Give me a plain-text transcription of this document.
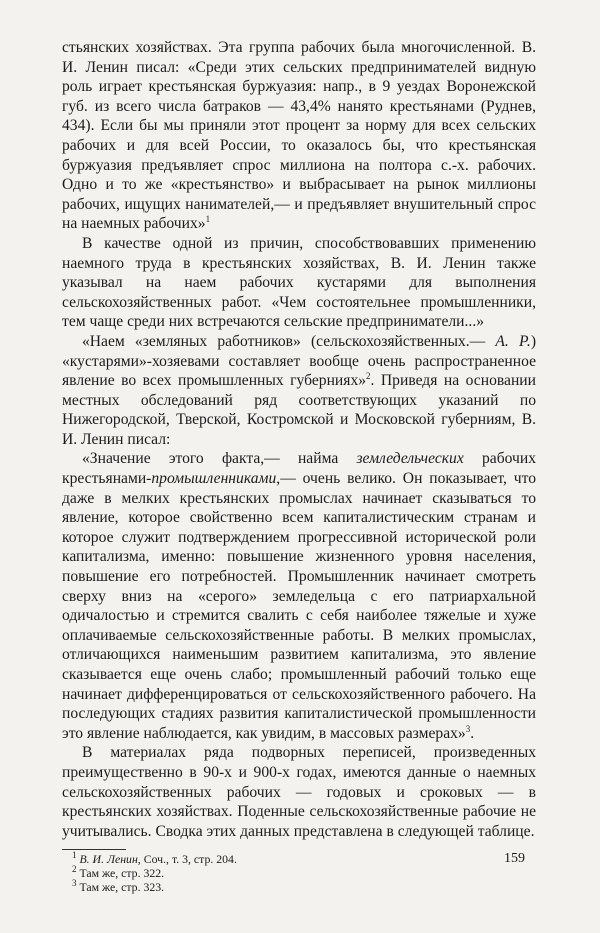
стьянских хозяйствах. Эта группа рабочих была многочисленной. В. И. Ленин писал: «Среди этих сельских предпринимателей видную роль играет крестьянская буржуазия: напр., в 9 уездах Воронежской губ. из всего числа батраков — 43,4% нанято крестьянами (Руднев, 434). Если бы мы приняли этот процент за норму для всех сельских рабочих и для всей России, то оказалось бы, что крестьянская буржуазия предъявляет спрос миллиона на полтора с.-х. рабочих. Одно и то же «крестьянство» и выбрасывает на рынок миллионы рабочих, ищущих нанимателей,— и предъявляет внушительный спрос на наемных рабочих»$^1$

В качестве одной из причин, способствовавших применению наемного труда в крестьянских хозяйствах, В. И. Ленин также указывал на наем рабочих кустарями для выполнения сельскохозяйственных работ. «Чем состоятельнее промышленники, тем чаще среди них встречаются сельские предприниматели...»

«Наем «земляных работников» (сельскохозяйственных.— А. Р.) «кустарями»-хозяевами составляет вообще очень распространенное явление во всех промышленных губерниях»$^2$. Приведя на основании местных обследований ряд соответствующих указаний по Нижегородской, Тверской, Костромской и Московской губерниям, В. И. Ленин писал:

«Значение этого факта,— найма земледельческих рабочих крестьянами-промышленниками,— очень велико. Он показывает, что даже в мелких крестьянских промыслах начинает сказываться то явление, которое свойственно всем капиталистическим странам и которое служит подтверждением прогрессивной исторической роли капитализма, именно: повышение жизненного уровня населения, повышение его потребностей. Промышленник начинает смотреть сверху вниз на «серого» земледельца с его патриархальной одичалостью и стремится свалить с себя наиболее тяжелые и хуже оплачиваемые сельскохозяйственные работы. В мелких промыслах, отличающихся наименьшим развитием капитализма, это явление сказывается еще очень слабо; промышленный рабочий только еще начинает дифференцироваться от сельскохозяйственного рабочего. На последующих стадиях развития капиталистической промышленности это явление наблюдается, как увидим, в массовых размерах»$^3$.

В материалах ряда подворных переписей, произведенных преимущественно в 90-х и 900-х годах, имеются данные о наемных сельскохозяйственных рабочих — годовых и сроковых — в крестьянских хозяйствах. Поденные сельскохозяйственные рабочие не учитывались. Сводка этих данных представлена в следующей таблице.

$^1$ В. И. Ленин, Соч., т. 3, стр. 204.
$^2$ Там же, стр. 322.
$^3$ Там же, стр. 323.
159
